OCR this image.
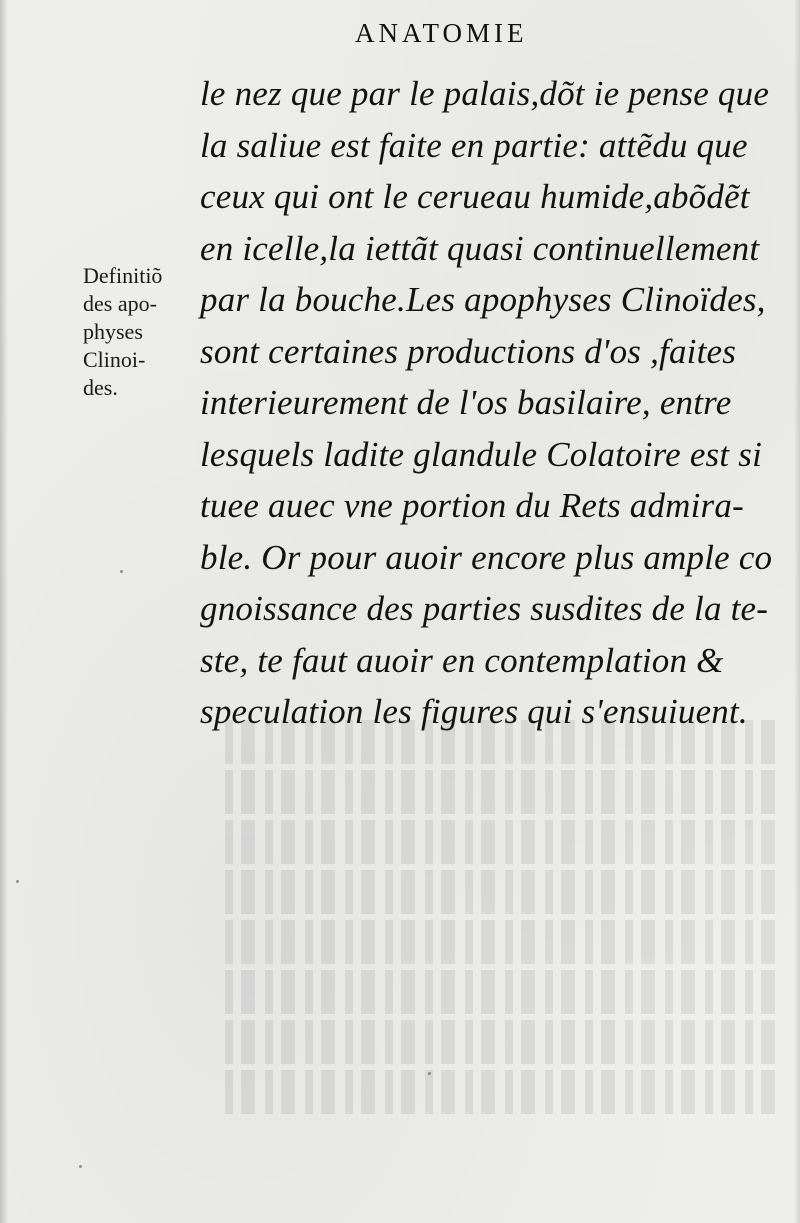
ANATOMIE
Definitiõ
des apo-
physes
Clinoi-
des.
le nez que par le palais,dõt ie pense que
la saliue est faite en partie: attẽdu que
ceux qui ont le cerueau humide,abõdẽt
en icelle,la iettãt quasi continuellement
par la bouche.Les apophyses Clinoïdes,
sont certaines productions d'os ,faites
interieurement de l'os basilaire, entre
lesquels ladite glandule Colatoire est si
tuee auec vne portion du Rets admira-
ble. Or pour auoir encore plus ample co
gnoissance des parties susdites de la te-
ste, te faut auoir en contemplation &
speculation les figures qui s'ensuiuent.
